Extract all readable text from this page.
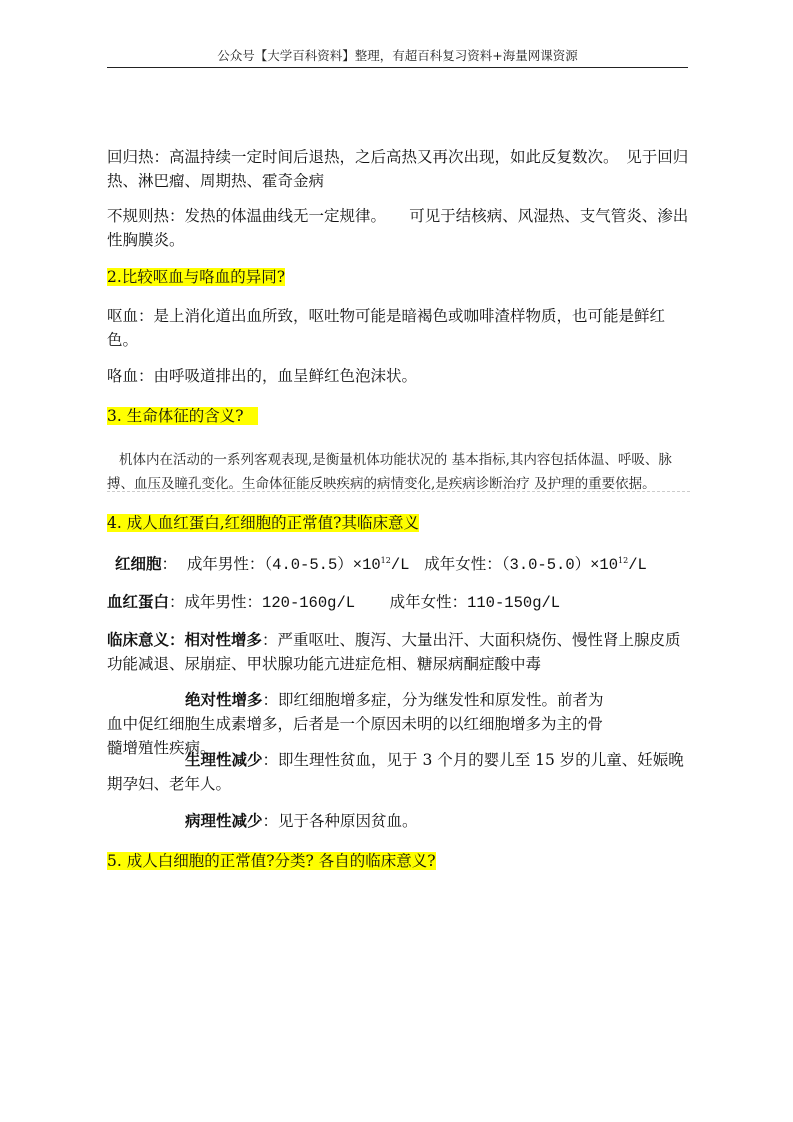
公众号【大学百科资料】整理，有超百科复习资料+海量网课资源
回归热：高温持续一定时间后退热，之后高热又再次出现，如此反复数次。　见于回归热、淋巴瘤、周期热、霍奇金病
不规则热：发热的体温曲线无一定规律。　　可见于结核病、风湿热、支气管炎、渗出性胸膜炎。
2.比较呕血与咯血的异同?
呕血：是上消化道出血所致，呕吐物可能是暗褐色或咖啡渣样物质，也可能是鲜红色。
咯血：由呼吸道排出的，血呈鲜红色泡沫状。
3. 生命体征的含义?
机体内在活动的一系列客观表现,是衡量机体功能状况的 基本指标,其内容包括体温、呼吸、脉搏、血压及瞳孔变化。生命体征能反映疾病的病情变化,是疾病诊断治疗 及护理的重要依据。
4. 成人血红蛋白,红细胞的正常值?其临床意义
红细胞： 成年男性：$(4.0-5.5)\times 10^{12}/L$ 成年女性：$(3.0-5.0)\times 10^{12}/L$
血红蛋白：成年男性：120-160g/L 成年女性：110-150g/L
临床意义：相对性增多：严重呕吐、腹泻、大量出汗、大面积烧伤、慢性肾上腺皮质功能减退、尿崩症、甲状腺功能亢进症危相、糖尿病酮症酸中毒
绝对性增多：即红细胞增多症，分为继发性和原发性。前者为血中促红细胞生成素增多，后者是一个原因未明的以红细胞增多为主的骨髓增殖性疾病。
生理性减少：即生理性贫血，见于 3 个月的婴儿至 15 岁的儿童、妊娠晚期孕妇、老年人。
病理性减少：见于各种原因贫血。
5. 成人白细胞的正常值?分类? 各自的临床意义?
